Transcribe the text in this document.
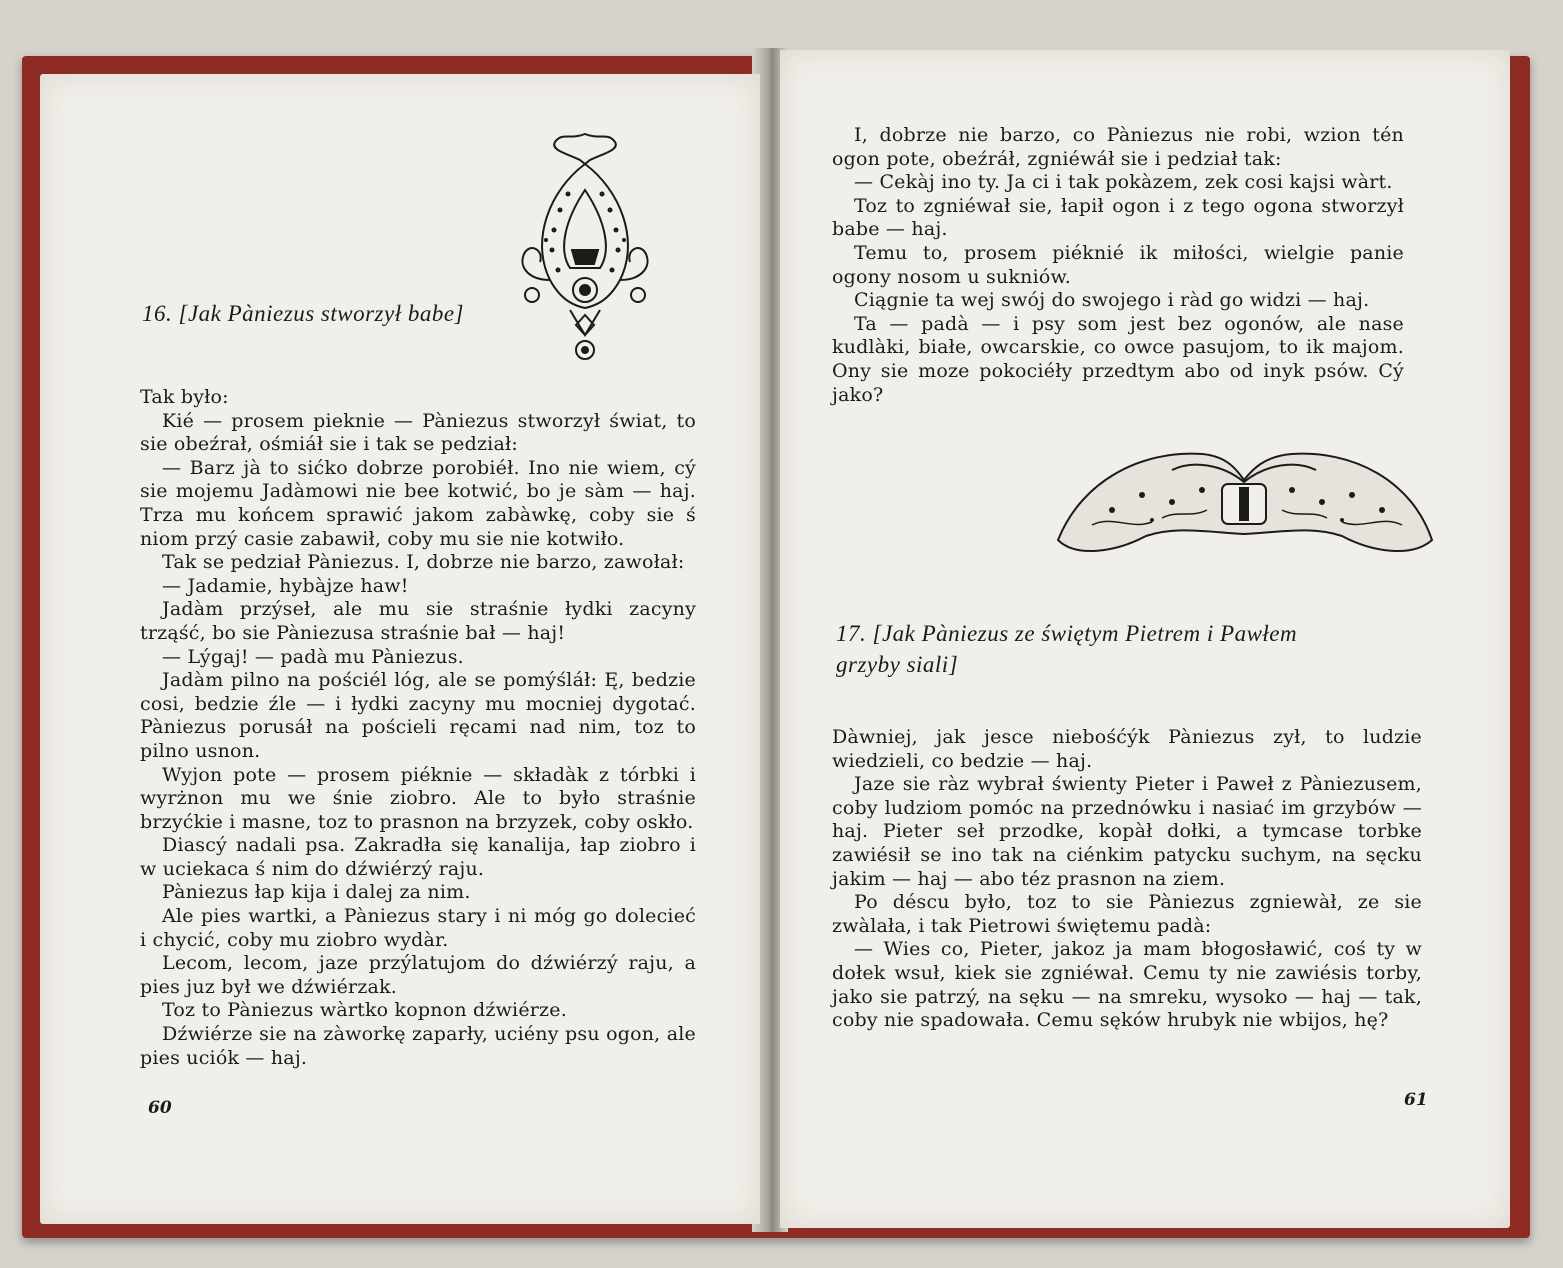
16. [Jak Pàniezus stworzył babe]

Tak było:

Kié — prosem pieknie — Pàniezus stworzył świat, to sie obeźrał, ośmiáł sie i tak se pedział:

— Barz jà to sićko dobrze porobiéł. Ino nie wiem, cý sie mojemu Jadàmowi nie bee kotwić, bo je sàm — haj. Trza mu końcem sprawić jakom zabàwkę, coby sie ś niom przý casie zabawił, coby mu sie nie kotwiło.

Tak se pedział Pàniezus. I, dobrze nie barzo, zawołał:

— Jadamie, hybàjze haw!

Jadàm przýseł, ale mu sie straśnie łydki zacyny trząść, bo sie Pàniezusa straśnie bał — haj!

— Lýgaj! — padà mu Pàniezus.

Jadàm pilno na pościél lóg, ale se pomýśláł: Ę, bedzie cosi, bedzie źle — i łydki zacyny mu mocniej dygotać. Pàniezus porusáł na pościeli ręcami nad nim, toz to pilno usnon.

Wyjon pote — prosem piéknie — składàk z tórbki i wyrżnon mu we śnie ziobro. Ale to było straśnie brzyćkie i masne, toz to prasnon na brzyzek, coby oskło.

Diascý nadali psa. Zakradła się kanalija, łap ziobro i w uciekaca ś nim do dźwiérzý raju.

Pàniezus łap kija i dalej za nim.

Ale pies wartki, a Pàniezus stary i ni móg go dolecieć i chycić, coby mu ziobro wydàr.

Lecom, lecom, jaze przýlatujom do dźwiérzý raju, a pies juz był we dźwiérzak.

Toz to Pàniezus wàrtko kopnon dźwiérze.

Dźwiérze sie na zàworkę zaparły, uciény psu ogon, ale pies uciók — haj.

60

I, dobrze nie barzo, co Pàniezus nie robi, wzion tén ogon pote, obeźráł, zgniéwáł sie i pedział tak:

— Cekàj ino ty. Ja ci i tak pokàzem, zek cosi kajsi wàrt.

Toz to zgniéwał sie, łapił ogon i z tego ogona stworzył babe — haj.

Temu to, prosem piéknié ik miłości, wielgie panie ogony nosom u sukniów.

Ciągnie ta wej swój do swojego i ràd go widzi — haj.

Ta — padà — i psy som jest bez ogonów, ale nase kudlàki, białe, owcarskie, co owce pasujom, to ik majom. Ony sie moze pokociéły przedtym abo od inyk psów. Cý jako?

17. [Jak Pàniezus ze świętym Pietrem i Pawłem
grzyby siali]

Dàwniej, jak jesce niebośćýk Pàniezus zył, to ludzie wiedzieli, co bedzie — haj.

Jaze sie ràz wybrał świenty Pieter i Paweł z Pàniezusem, coby ludziom pomóc na przednówku i nasiać im grzybów — haj. Pieter seł przodke, kopàł dołki, a tymcase torbke zawiésił se ino tak na ciénkim patycku suchym, na sęcku jakim — haj — abo téz prasnon na ziem.

Po déscu było, toz to sie Pàniezus zgniewàł, ze sie zwàlała, i tak Pietrowi świętemu padà:

— Wies co, Pieter, jakoz ja mam błogosławić, coś ty w dołek wsuł, kiek sie zgniéwał. Cemu ty nie zawiésis torby, jako sie patrzý, na sęku — na smreku, wysoko — haj — tak, coby nie spadowała. Cemu sęków hrubyk nie wbijos, hę?

61
